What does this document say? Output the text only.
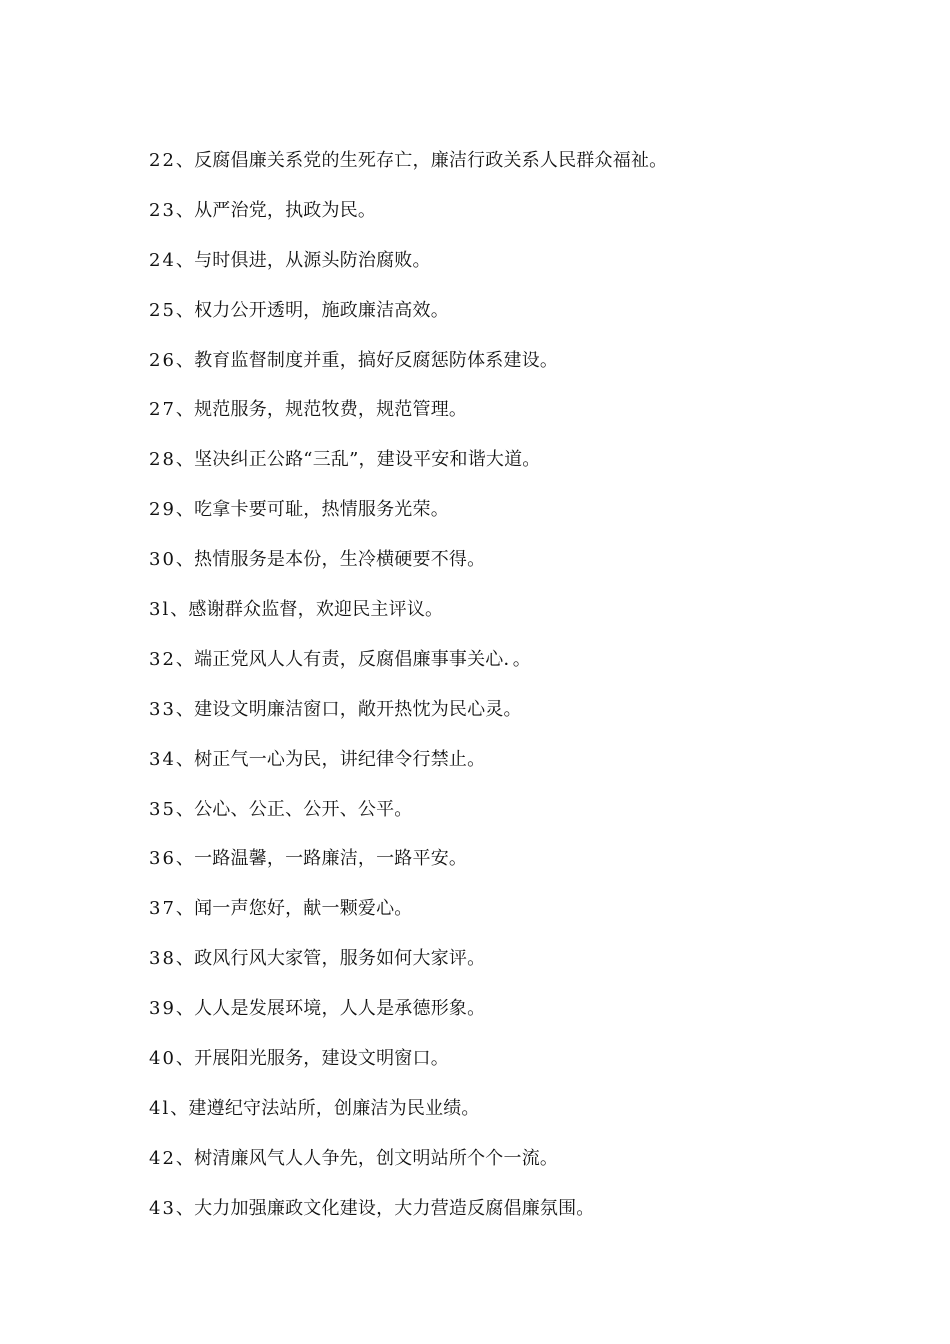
22、反腐倡廉关系党的生死存亡，廉洁行政关系人民群众福祉。
23、从严治党，执政为民。
24、与时俱进，从源头防治腐败。
25、权力公开透明，施政廉洁高效。
26、教育监督制度并重，搞好反腐惩防体系建设。
27、规范服务，规范牧费，规范管理。
28、坚决纠正公路“三乱”，建设平安和谐大道。
29、吃拿卡要可耻，热情服务光荣。
30、热情服务是本份，生冷横硬要不得。
3l、感谢群众监督，欢迎民主评议。
32、端正党风人人有责，反腐倡廉事事关心．。
33、建设文明廉洁窗口，敞开热忱为民心灵。
34、树正气一心为民，讲纪律令行禁止。
35、公心、公正、公开、公平。
36、一路温馨，一路廉洁，一路平安。
37、闻一声您好，献一颗爱心。
38、政风行风大家管，服务如何大家评。
39、人人是发展环境，人人是承德形象。
40、开展阳光服务，建设文明窗口。
4l、建遵纪守法站所，创廉洁为民业绩。
42、树清廉风气人人争先，创文明站所个个一流。
43、大力加强廉政文化建设，大力营造反腐倡廉氛围。
